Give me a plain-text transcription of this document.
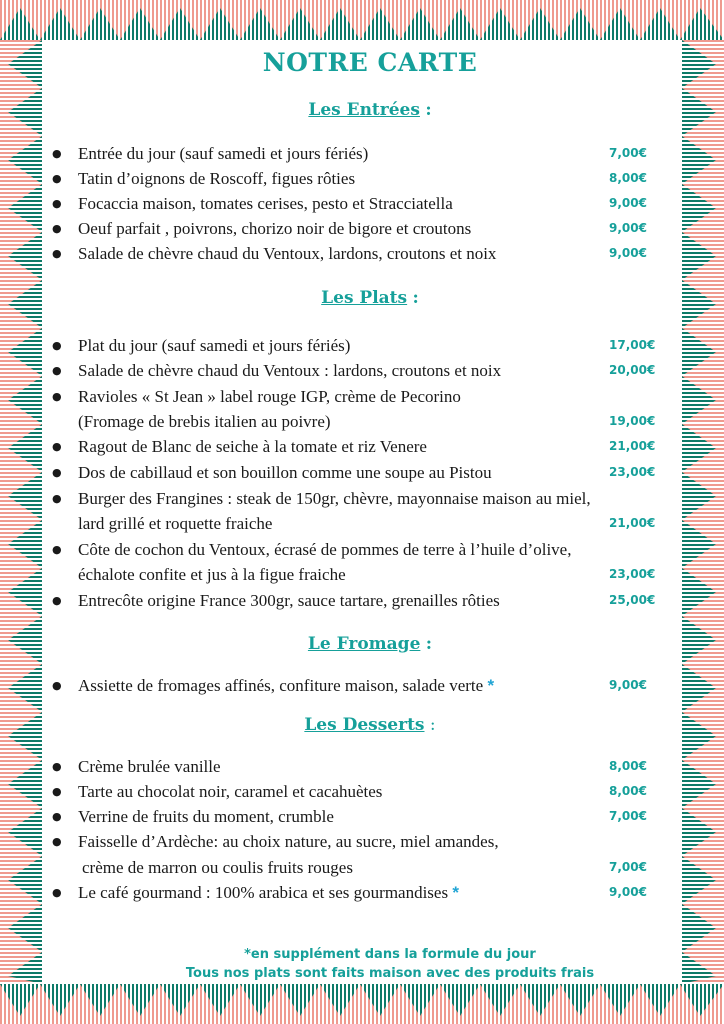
NOTRE CARTE
Les Entrées :
● Entrée du jour (sauf samedi et jours fériés)	7,00€
● Tatin d’oignons de Roscoff, figues rôties	8,00€
● Focaccia maison, tomates cerises, pesto et Stracciatella	9,00€
● Oeuf parfait , poivrons, chorizo noir de bigore et croutons	9,00€
● Salade de chèvre chaud du Ventoux, lardons, croutons et noix	9,00€
Les Plats :
● Plat du jour (sauf samedi et jours fériés)	17,00€
● Salade de chèvre chaud du Ventoux : lardons, croutons et noix	20,00€
● Ravioles « St Jean » label rouge IGP, crème de Pecorino
(Fromage de brebis italien au poivre)	19,00€
● Ragout de Blanc de seiche à la tomate et riz Venere	21,00€
● Dos de cabillaud et son bouillon comme une soupe au Pistou	23,00€
● Burger des Frangines : steak de 150gr, chèvre, mayonnaise maison au miel,
lard grillé et roquette fraiche	21,00€
● Côte de cochon du Ventoux, écrasé de pommes de terre à l’huile d’olive,
échalote confite et jus à la figue fraiche	23,00€
● Entrecôte origine France 300gr, sauce tartare, grenailles rôties	25,00€
Le Fromage :
● Assiette de fromages affinés, confiture maison, salade verte *	9,00€
Les Desserts :
● Crème brulée vanille	8,00€
● Tarte au chocolat noir, caramel et cacahuètes	8,00€
● Verrine de fruits du moment, crumble	7,00€
● Faisselle d’Ardèche: au choix nature, au sucre, miel amandes,
crème de marron ou coulis fruits rouges	7,00€
● Le café gourmand : 100% arabica et ses gourmandises *	9,00€
*en supplément dans la formule du jour
Tous nos plats sont faits maison avec des produits frais
